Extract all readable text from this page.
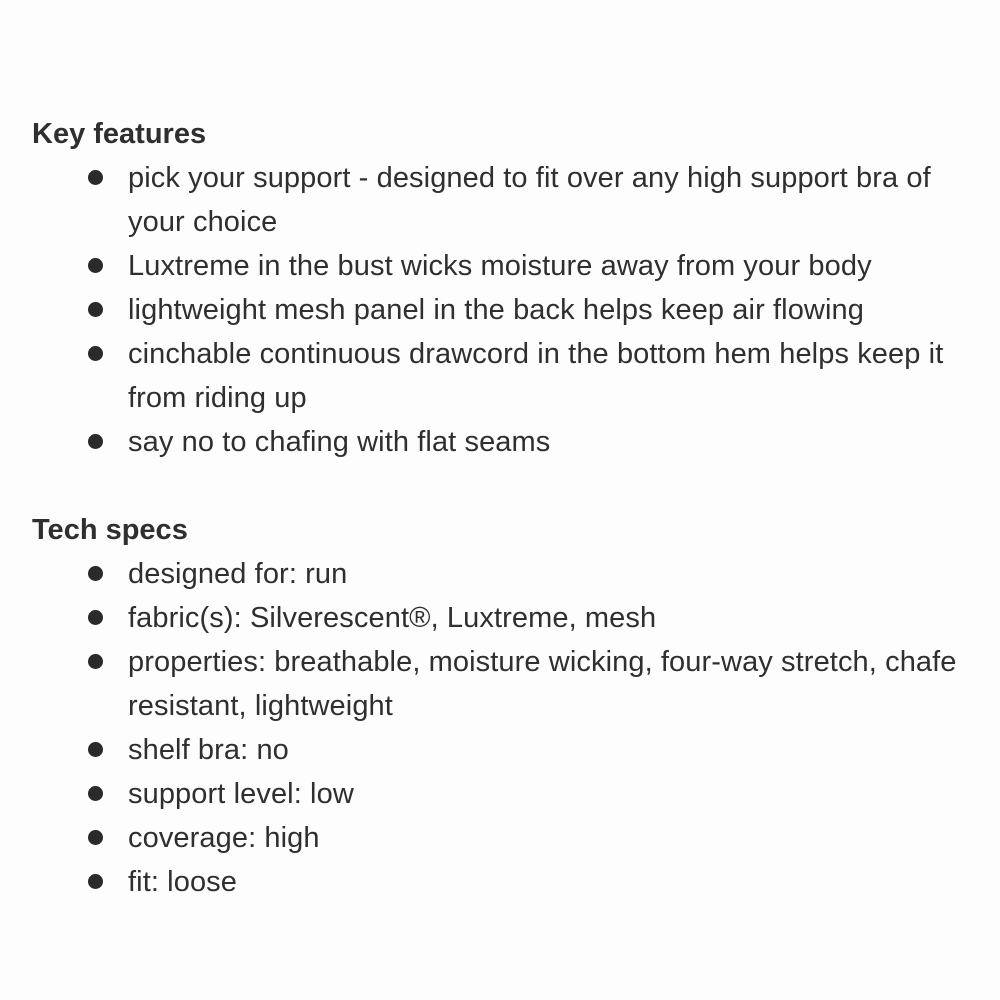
Key features
pick your support - designed to fit over any high support bra of your choice
Luxtreme in the bust wicks moisture away from your body
lightweight mesh panel in the back helps keep air flowing
cinchable continuous drawcord in the bottom hem helps keep it from riding up
say no to chafing with flat seams
Tech specs
designed for: run
fabric(s): Silverescent®, Luxtreme, mesh
properties: breathable, moisture wicking, four-way stretch, chafe resistant, lightweight
shelf bra: no
support level: low
coverage: high
fit: loose
